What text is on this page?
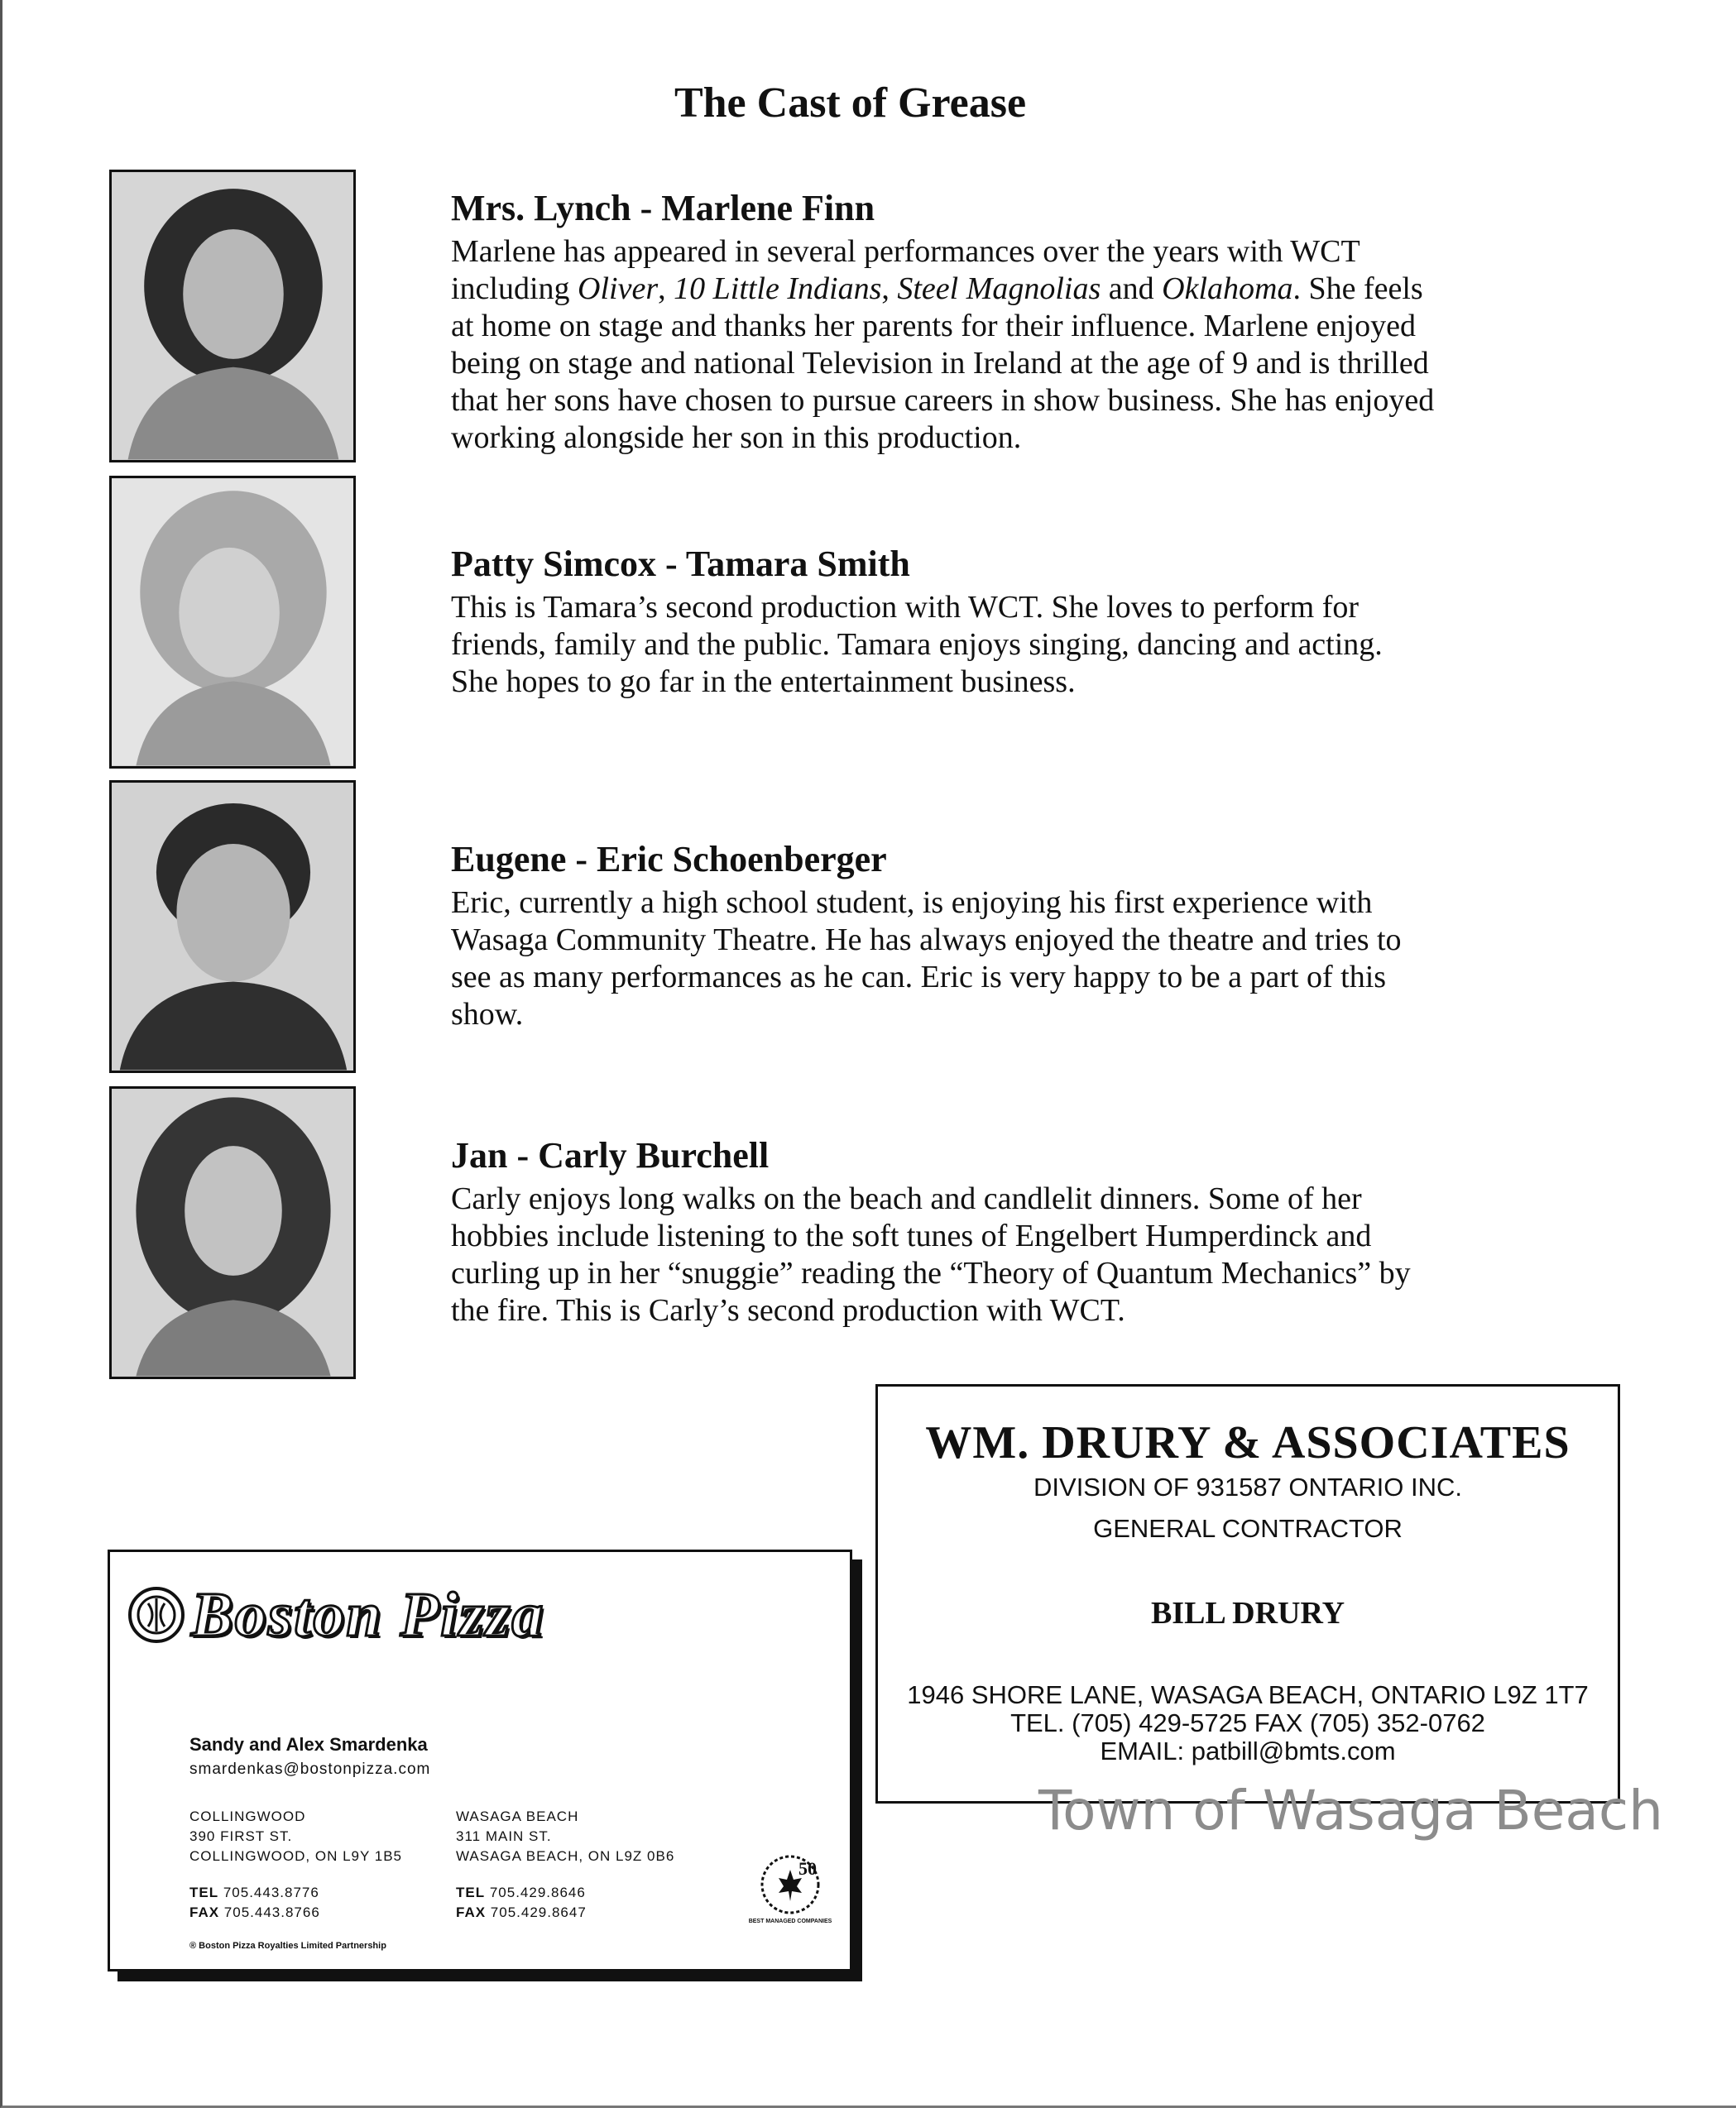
The Cast of Grease
Mrs. Lynch - Marlene Finn

Marlene has appeared in several performances over the years with WCT
including Oliver, 10 Little Indians, Steel Magnolias and Oklahoma. She feels
at home on stage and thanks her parents for their influence. Marlene enjoyed
being on stage and national Television in Ireland at the age of 9 and is thrilled
that her sons have chosen to pursue careers in show business. She has enjoyed
working alongside her son in this production.

Patty Simcox - Tamara Smith

This is Tamara’s second production with WCT. She loves to perform for
friends, family and the public. Tamara enjoys singing, dancing and acting.
She hopes to go far in the entertainment business.

Eugene - Eric Schoenberger

Eric, currently a high school student, is enjoying his first experience with
Wasaga Community Theatre. He has always enjoyed the theatre and tries to
see as many performances as he can. Eric is very happy to be a part of this
show.

Jan - Carly Burchell

Carly enjoys long walks on the beach and candlelit dinners. Some of her
hobbies include listening to the soft tunes of Engelbert Humperdinck and
curling up in her “snuggie” reading the “Theory of Quantum Mechanics” by
the fire. This is Carly’s second production with WCT.

WM. DRURY & ASSOCIATES
DIVISION OF 931587 ONTARIO INC.
GENERAL CONTRACTOR
BILL DRURY
1946 SHORE LANE, WASAGA BEACH, ONTARIO L9Z 1T7
TEL. (705) 429-5725 FAX (705) 352-0762
EMAIL: patbill@bmts.com
Boston Pizza
Sandy and Alex Smardenka
smardenkas@bostonpizza.com
COLLINGWOOD
390 FIRST ST.
COLLINGWOOD, ON L9Y 1B5
WASAGA BEACH
311 MAIN ST.
WASAGA BEACH, ON L9Z 0B6
TEL 705.443.8776
FAX 705.443.8766
TEL 705.429.8646
FAX 705.429.8647
50
BEST MANAGED COMPANIES
® Boston Pizza Royalties Limited Partnership
Town of Wasaga Beach
